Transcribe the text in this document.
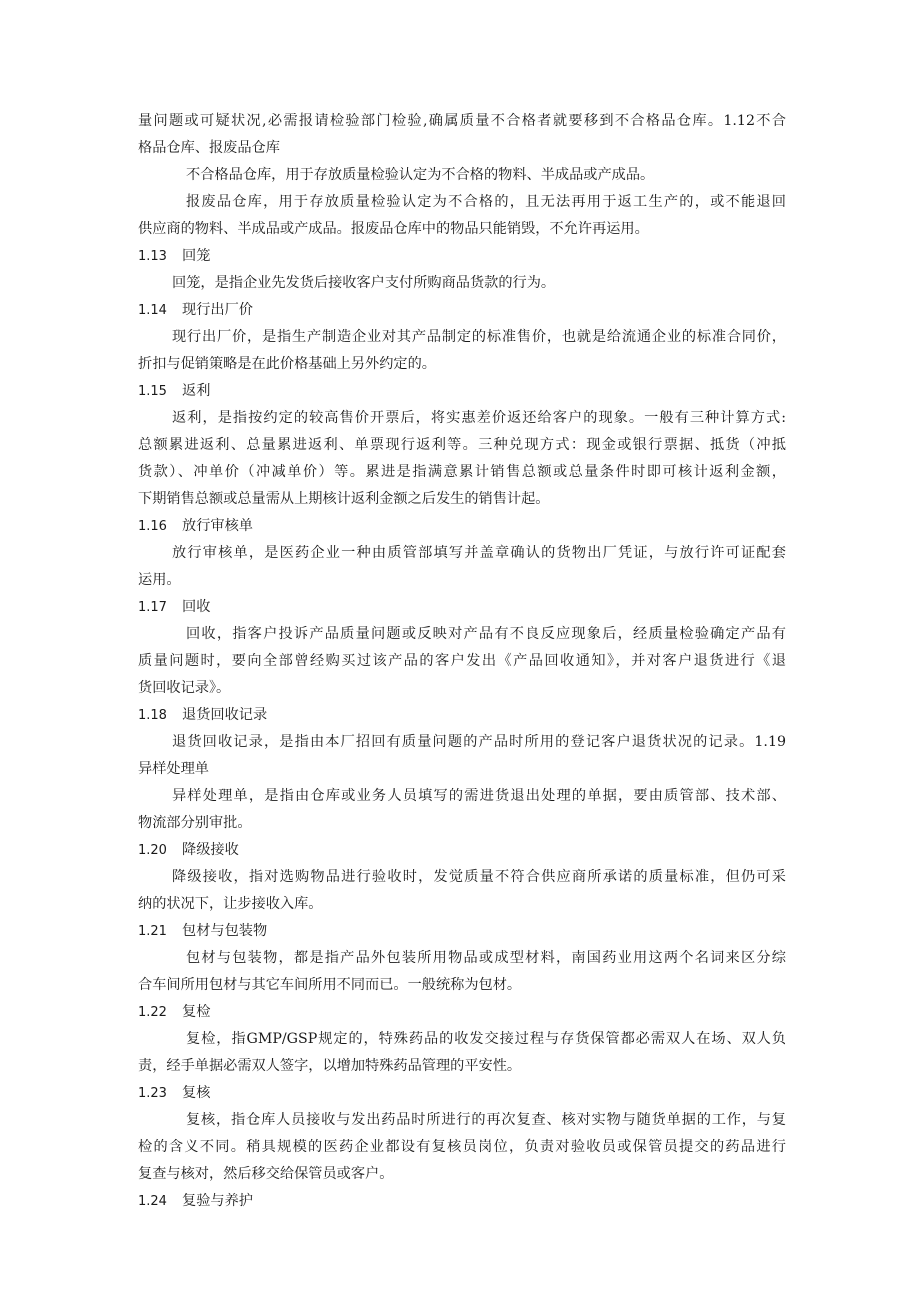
量问题或可疑状况,必需报请检验部门检验,确属质量不合格者就要移到不合格品仓库。1.12不合
格品仓库、报废品仓库
不合格品仓库，用于存放质量检验认定为不合格的物料、半成品或产成品。
报废品仓库，用于存放质量检验认定为不合格的，且无法再用于返工生产的，或不能退回
供应商的物料、半成品或产成品。报废品仓库中的物品只能销毁，不允许再运用。
1.13 回笼
回笼，是指企业先发货后接收客户支付所购商品货款的行为。
1.14 现行出厂价
现行出厂价，是指生产制造企业对其产品制定的标准售价，也就是给流通企业的标准合同价，
折扣与促销策略是在此价格基础上另外约定的。
1.15 返利
返利，是指按约定的较高售价开票后，将实惠差价返还给客户的现象。一般有三种计算方式:
总额累进返利、总量累进返利、单票现行返利等。三种兑现方式：现金或银行票据、抵货（冲抵
货款）、冲单价（冲减单价）等。累进是指满意累计销售总额或总量条件时即可核计返利金额，
下期销售总额或总量需从上期核计返利金额之后发生的销售计起。
1.16 放行审核单
放行审核单，是医药企业一种由质管部填写并盖章确认的货物出厂凭证，与放行许可证配套
运用。
1.17 回收
回收，指客户投诉产品质量问题或反映对产品有不良反应现象后，经质量检验确定产品有
质量问题时，要向全部曾经购买过该产品的客户发出《产品回收通知》，并对客户退货进行《退
货回收记录》。
1.18 退货回收记录
退货回收记录，是指由本厂招回有质量问题的产品时所用的登记客户退货状况的记录。1.19
异样处理单
异样处理单，是指由仓库或业务人员填写的需进货退出处理的单据，要由质管部、技术部、
物流部分别审批。
1.20 降级接收
降级接收，指对选购物品进行验收时，发觉质量不符合供应商所承诺的质量标准，但仍可采
纳的状况下，让步接收入库。
1.21 包材与包装物
包材与包装物，都是指产品外包装所用物品或成型材料，南国药业用这两个名词来区分综
合车间所用包材与其它车间所用不同而已。一般统称为包材。
1.22 复检
复检，指GMP/GSP规定的，特殊药品的收发交接过程与存货保管都必需双人在场、双人负
责，经手单据必需双人签字，以增加特殊药品管理的平安性。
1.23 复核
复核，指仓库人员接收与发出药品时所进行的再次复查、核对实物与随货单据的工作，与复
检的含义不同。稍具规模的医药企业都设有复核员岗位，负责对验收员或保管员提交的药品进行
复查与核对，然后移交给保管员或客户。
1.24 复验与养护
